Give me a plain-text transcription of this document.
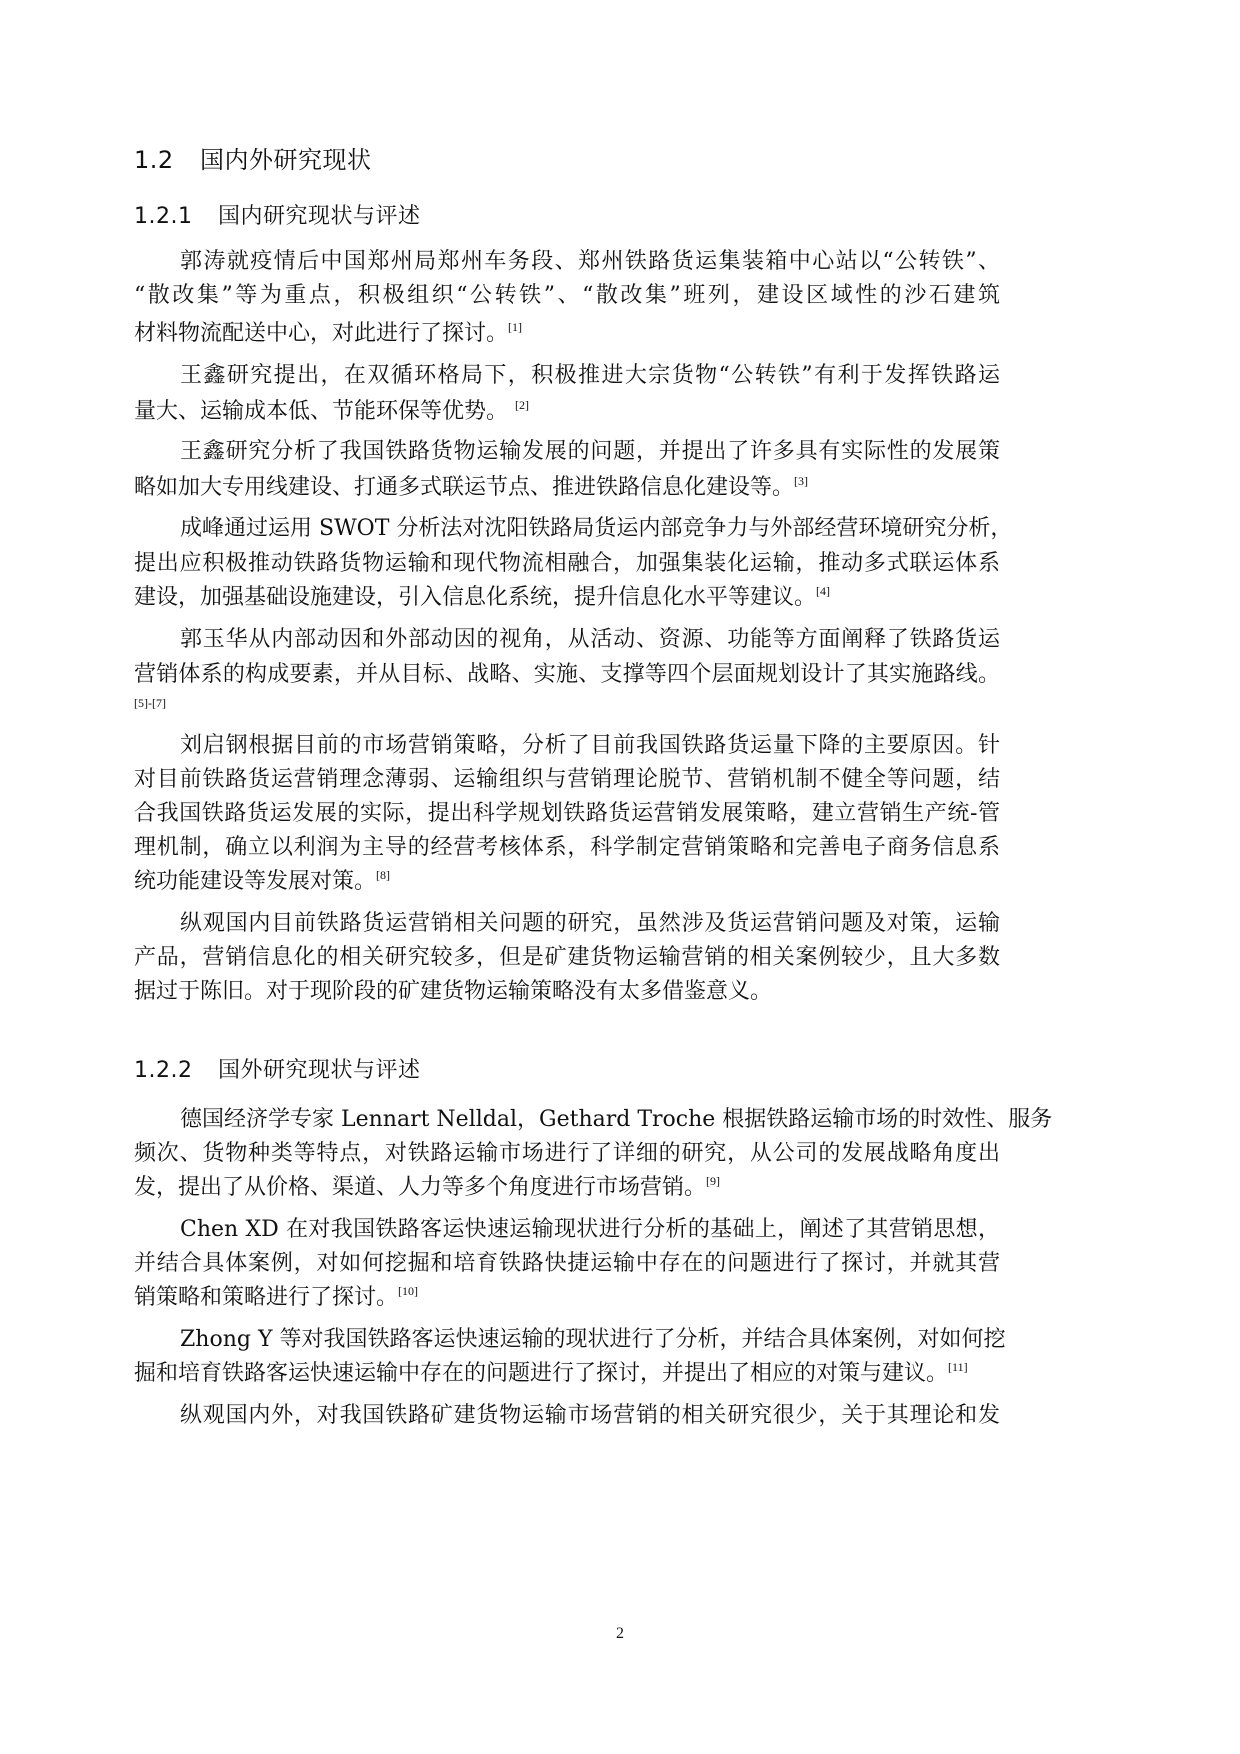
1.2 国内外研究现状
1.2.1 国内研究现状与评述
郭涛就疫情后中国郑州局郑州车务段、郑州铁路货运集装箱中心站以“公转铁”、
“散改集”等为重点，积极组织“公转铁”、“散改集”班列，建设区域性的沙石建筑
材料物流配送中心，对此进行了探讨。[1]
王鑫研究提出，在双循环格局下，积极推进大宗货物“公转铁”有利于发挥铁路运
量大、运输成本低、节能环保等优势。 [2]
王鑫研究分析了我国铁路货物运输发展的问题，并提出了许多具有实际性的发展策
略如加大专用线建设、打通多式联运节点、推进铁路信息化建设等。[3]
成峰通过运用 SWOT 分析法对沈阳铁路局货运内部竞争力与外部经营环境研究分析，
提出应积极推动铁路货物运输和现代物流相融合，加强集装化运输，推动多式联运体系
建设，加强基础设施建设，引入信息化系统，提升信息化水平等建议。[4]
郭玉华从内部动因和外部动因的视角，从活动、资源、功能等方面阐释了铁路货运
营销体系的构成要素，并从目标、战略、实施、支撑等四个层面规划设计了其实施路线。
[5]-[7]
刘启钢根据目前的市场营销策略，分析了目前我国铁路货运量下降的主要原因。针
对目前铁路货运营销理念薄弱、运输组织与营销理论脱节、营销机制不健全等问题，结
合我国铁路货运发展的实际，提出科学规划铁路货运营销发展策略，建立营销生产统-管
理机制，确立以利润为主导的经营考核体系，科学制定营销策略和完善电子商务信息系
统功能建设等发展对策。[8]
纵观国内目前铁路货运营销相关问题的研究，虽然涉及货运营销问题及对策，运输
产品，营销信息化的相关研究较多，但是矿建货物运输营销的相关案例较少，且大多数
据过于陈旧。对于现阶段的矿建货物运输策略没有太多借鉴意义。
1.2.2 国外研究现状与评述
德国经济学专家 Lennart Nelldal，Gethard Troche 根据铁路运输市场的时效性、服务
频次、货物种类等特点，对铁路运输市场进行了详细的研究，从公司的发展战略角度出
发，提出了从价格、渠道、人力等多个角度进行市场营销。[9]
Chen XD 在对我国铁路客运快速运输现状进行分析的基础上，阐述了其营销思想，
并结合具体案例，对如何挖掘和培育铁路快捷运输中存在的问题进行了探讨，并就其营
销策略和策略进行了探讨。[10]
Zhong Y 等对我国铁路客运快速运输的现状进行了分析，并结合具体案例，对如何挖
掘和培育铁路客运快速运输中存在的问题进行了探讨，并提出了相应的对策与建议。[11]
纵观国内外，对我国铁路矿建货物运输市场营销的相关研究很少，关于其理论和发
2
